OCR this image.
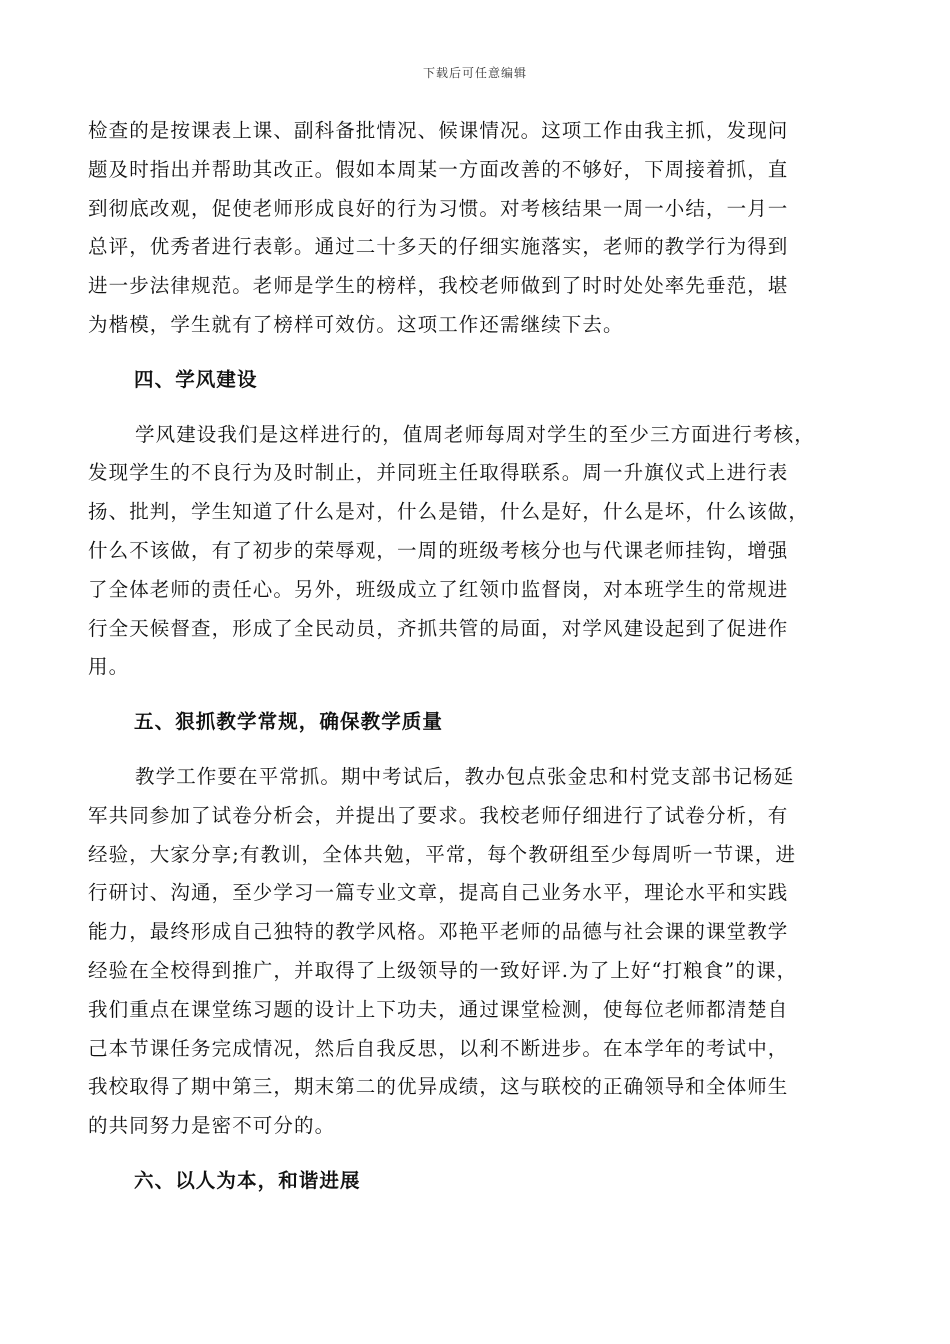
下载后可任意编辑
检查的是按课表上课、副科备批情况、候课情况。这项工作由我主抓，发现问
题及时指出并帮助其改正。假如本周某一方面改善的不够好，下周接着抓，直
到彻底改观，促使老师形成良好的行为习惯。对考核结果一周一小结，一月一
总评，优秀者进行表彰。通过二十多天的仔细实施落实，老师的教学行为得到
进一步法律规范。老师是学生的榜样，我校老师做到了时时处处率先垂范，堪
为楷模，学生就有了榜样可效仿。这项工作还需继续下去。
四、学风建设
学风建设我们是这样进行的，值周老师每周对学生的至少三方面进行考核，
发现学生的不良行为及时制止，并同班主任取得联系。周一升旗仪式上进行表
扬、批判，学生知道了什么是对，什么是错，什么是好，什么是坏，什么该做，
什么不该做，有了初步的荣辱观，一周的班级考核分也与代课老师挂钩，增强
了全体老师的责任心。另外，班级成立了红领巾监督岗，对本班学生的常规进
行全天候督查，形成了全民动员，齐抓共管的局面，对学风建设起到了促进作
用。
五、狠抓教学常规，确保教学质量
教学工作要在平常抓。期中考试后，教办包点张金忠和村党支部书记杨延
军共同参加了试卷分析会，并提出了要求。我校老师仔细进行了试卷分析，有
经验，大家分享;有教训，全体共勉，平常，每个教研组至少每周听一节课，进
行研讨、沟通，至少学习一篇专业文章，提高自己业务水平，理论水平和实践
能力，最终形成自己独特的教学风格。邓艳平老师的品德与社会课的课堂教学
经验在全校得到推广，并取得了上级领导的一致好评.为了上好“打粮食”的课，
我们重点在课堂练习题的设计上下功夫，通过课堂检测，使每位老师都清楚自
己本节课任务完成情况，然后自我反思，以利不断进步。在本学年的考试中，
我校取得了期中第三，期末第二的优异成绩，这与联校的正确领导和全体师生
的共同努力是密不可分的。
六、以人为本，和谐进展
